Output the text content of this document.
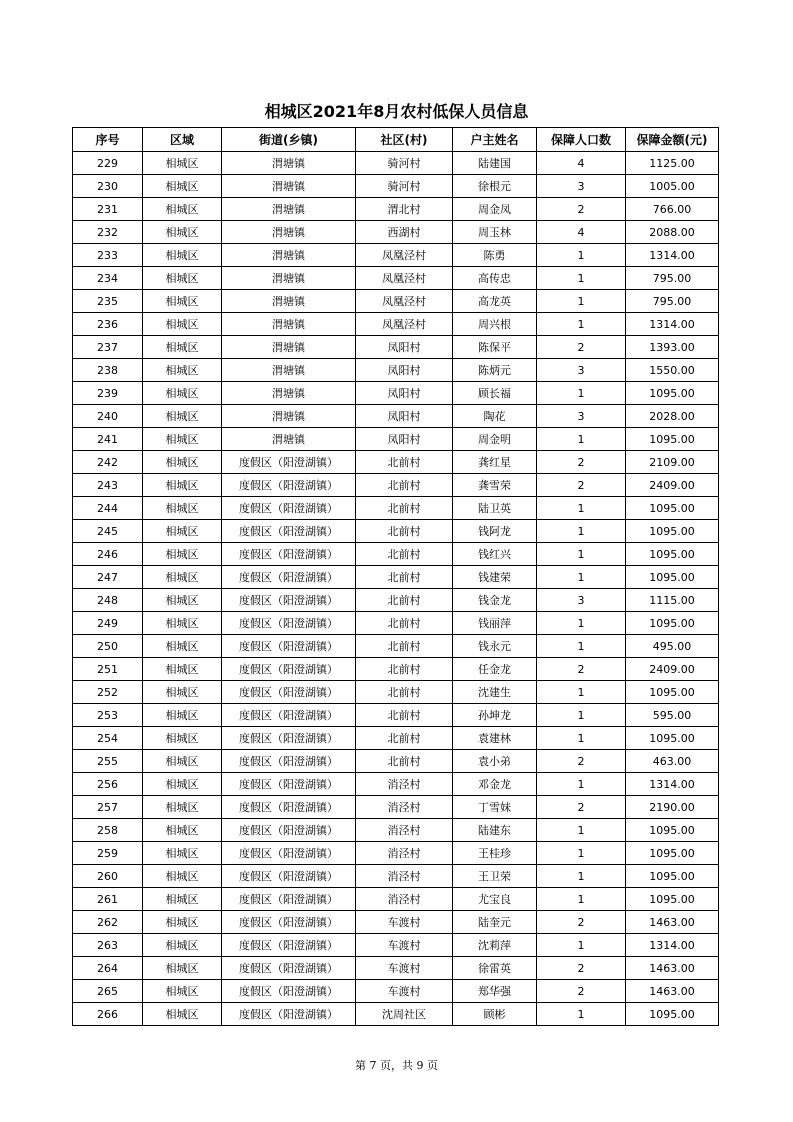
相城区2021年8月农村低保人员信息
序号	区域	街道(乡镇)	社区(村)	户主姓名	保障人口数	保障金额(元)
229	相城区	渭塘镇	骑河村	陆建国	4	1125.00
230	相城区	渭塘镇	骑河村	徐根元	3	1005.00
231	相城区	渭塘镇	渭北村	周金凤	2	766.00
232	相城区	渭塘镇	西湖村	周玉林	4	2088.00
233	相城区	渭塘镇	凤凰泾村	陈勇	1	1314.00
234	相城区	渭塘镇	凤凰泾村	高传忠	1	795.00
235	相城区	渭塘镇	凤凰泾村	高龙英	1	795.00
236	相城区	渭塘镇	凤凰泾村	周兴根	1	1314.00
237	相城区	渭塘镇	凤阳村	陈保平	2	1393.00
238	相城区	渭塘镇	凤阳村	陈炳元	3	1550.00
239	相城区	渭塘镇	凤阳村	顾长福	1	1095.00
240	相城区	渭塘镇	凤阳村	陶花	3	2028.00
241	相城区	渭塘镇	凤阳村	周金明	1	1095.00
242	相城区	度假区（阳澄湖镇）	北前村	龚红星	2	2109.00
243	相城区	度假区（阳澄湖镇）	北前村	龚雪荣	2	2409.00
244	相城区	度假区（阳澄湖镇）	北前村	陆卫英	1	1095.00
245	相城区	度假区（阳澄湖镇）	北前村	钱阿龙	1	1095.00
246	相城区	度假区（阳澄湖镇）	北前村	钱红兴	1	1095.00
247	相城区	度假区（阳澄湖镇）	北前村	钱建荣	1	1095.00
248	相城区	度假区（阳澄湖镇）	北前村	钱金龙	3	1115.00
249	相城区	度假区（阳澄湖镇）	北前村	钱丽萍	1	1095.00
250	相城区	度假区（阳澄湖镇）	北前村	钱永元	1	495.00
251	相城区	度假区（阳澄湖镇）	北前村	任金龙	2	2409.00
252	相城区	度假区（阳澄湖镇）	北前村	沈建生	1	1095.00
253	相城区	度假区（阳澄湖镇）	北前村	孙坤龙	1	595.00
254	相城区	度假区（阳澄湖镇）	北前村	袁建林	1	1095.00
255	相城区	度假区（阳澄湖镇）	北前村	袁小弟	2	463.00
256	相城区	度假区（阳澄湖镇）	消泾村	邓金龙	1	1314.00
257	相城区	度假区（阳澄湖镇）	消泾村	丁雪妹	2	2190.00
258	相城区	度假区（阳澄湖镇）	消泾村	陆建东	1	1095.00
259	相城区	度假区（阳澄湖镇）	消泾村	王桂珍	1	1095.00
260	相城区	度假区（阳澄湖镇）	消泾村	王卫荣	1	1095.00
261	相城区	度假区（阳澄湖镇）	消泾村	尤宝良	1	1095.00
262	相城区	度假区（阳澄湖镇）	车渡村	陆奎元	2	1463.00
263	相城区	度假区（阳澄湖镇）	车渡村	沈莉萍	1	1314.00
264	相城区	度假区（阳澄湖镇）	车渡村	徐雷英	2	1463.00
265	相城区	度假区（阳澄湖镇）	车渡村	郑华强	2	1463.00
266	相城区	度假区（阳澄湖镇）	沈周社区	顾彬	1	1095.00
第 7 页，共 9 页
